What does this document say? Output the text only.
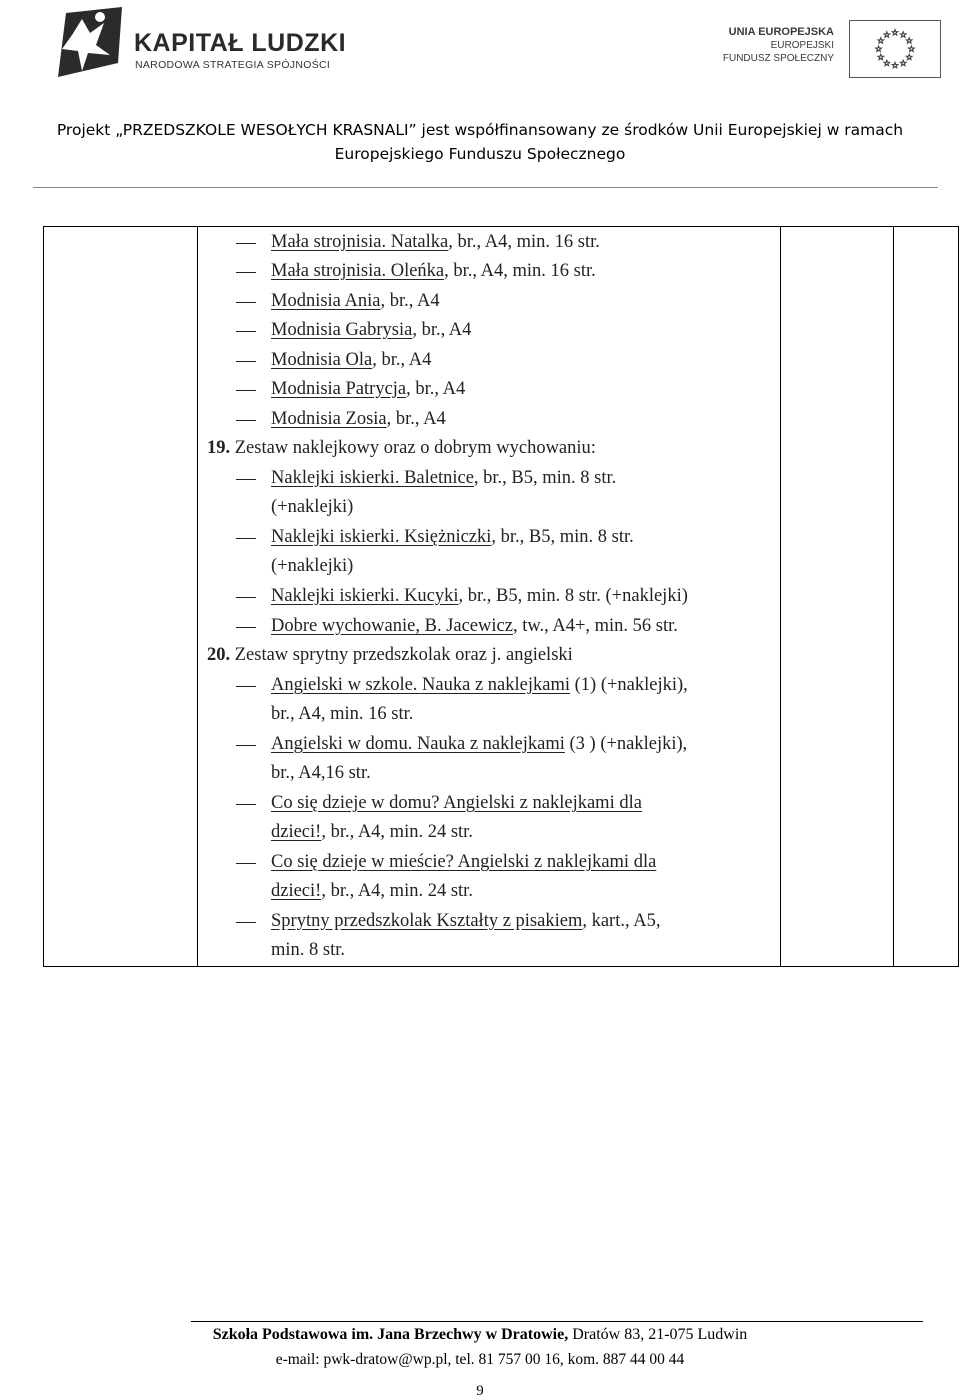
KAPITAŁ LUDZKI
NARODOWA STRATEGIA SPÓJNOŚCI
UNIA EUROPEJSKA
EUROPEJSKI
FUNDUSZ SPOŁECZNY
Projekt „PRZEDSZKOLE WESOŁYCH KRASNALI” jest współfinansowany ze środków Unii Europejskiej w ramach
Europejskiego Funduszu Społecznego
Mała strojnisia. Natalka, br., A4, min. 16 str.
Mała strojnisia. Oleńka, br., A4, min. 16 str.
Modnisia Ania, br., A4
Modnisia Gabrysia, br., A4
Modnisia Ola, br., A4
Modnisia Patrycja, br., A4
Modnisia Zosia, br., A4
19. Zestaw naklejkowy oraz o dobrym wychowaniu:
Naklejki iskierki. Baletnice, br., B5, min. 8 str.
(+naklejki)
Naklejki iskierki. Księżniczki, br., B5, min. 8 str.
(+naklejki)
Naklejki iskierki. Kucyki, br., B5, min. 8 str. (+naklejki)
Dobre wychowanie, B. Jacewicz, tw., A4+, min. 56 str.
20. Zestaw sprytny przedszkolak oraz j. angielski
Angielski w szkole. Nauka z naklejkami (1) (+naklejki),
br., A4, min. 16 str.
Angielski w domu. Nauka z naklejkami (3 ) (+naklejki),
br., A4,16 str.
Co się dzieje w domu? Angielski z naklejkami dla
dzieci!, br., A4, min. 24 str.
Co się dzieje w mieście? Angielski z naklejkami dla
dzieci!, br., A4, min. 24 str.
Sprytny przedszkolak Kształty z pisakiem, kart., A5,
min. 8 str.
Szkoła Podstawowa im. Jana Brzechwy w Dratowie, Dratów 83, 21-075 Ludwin
e-mail: pwk-dratow@wp.pl, tel. 81 757 00 16, kom. 887 44 00 44
9
